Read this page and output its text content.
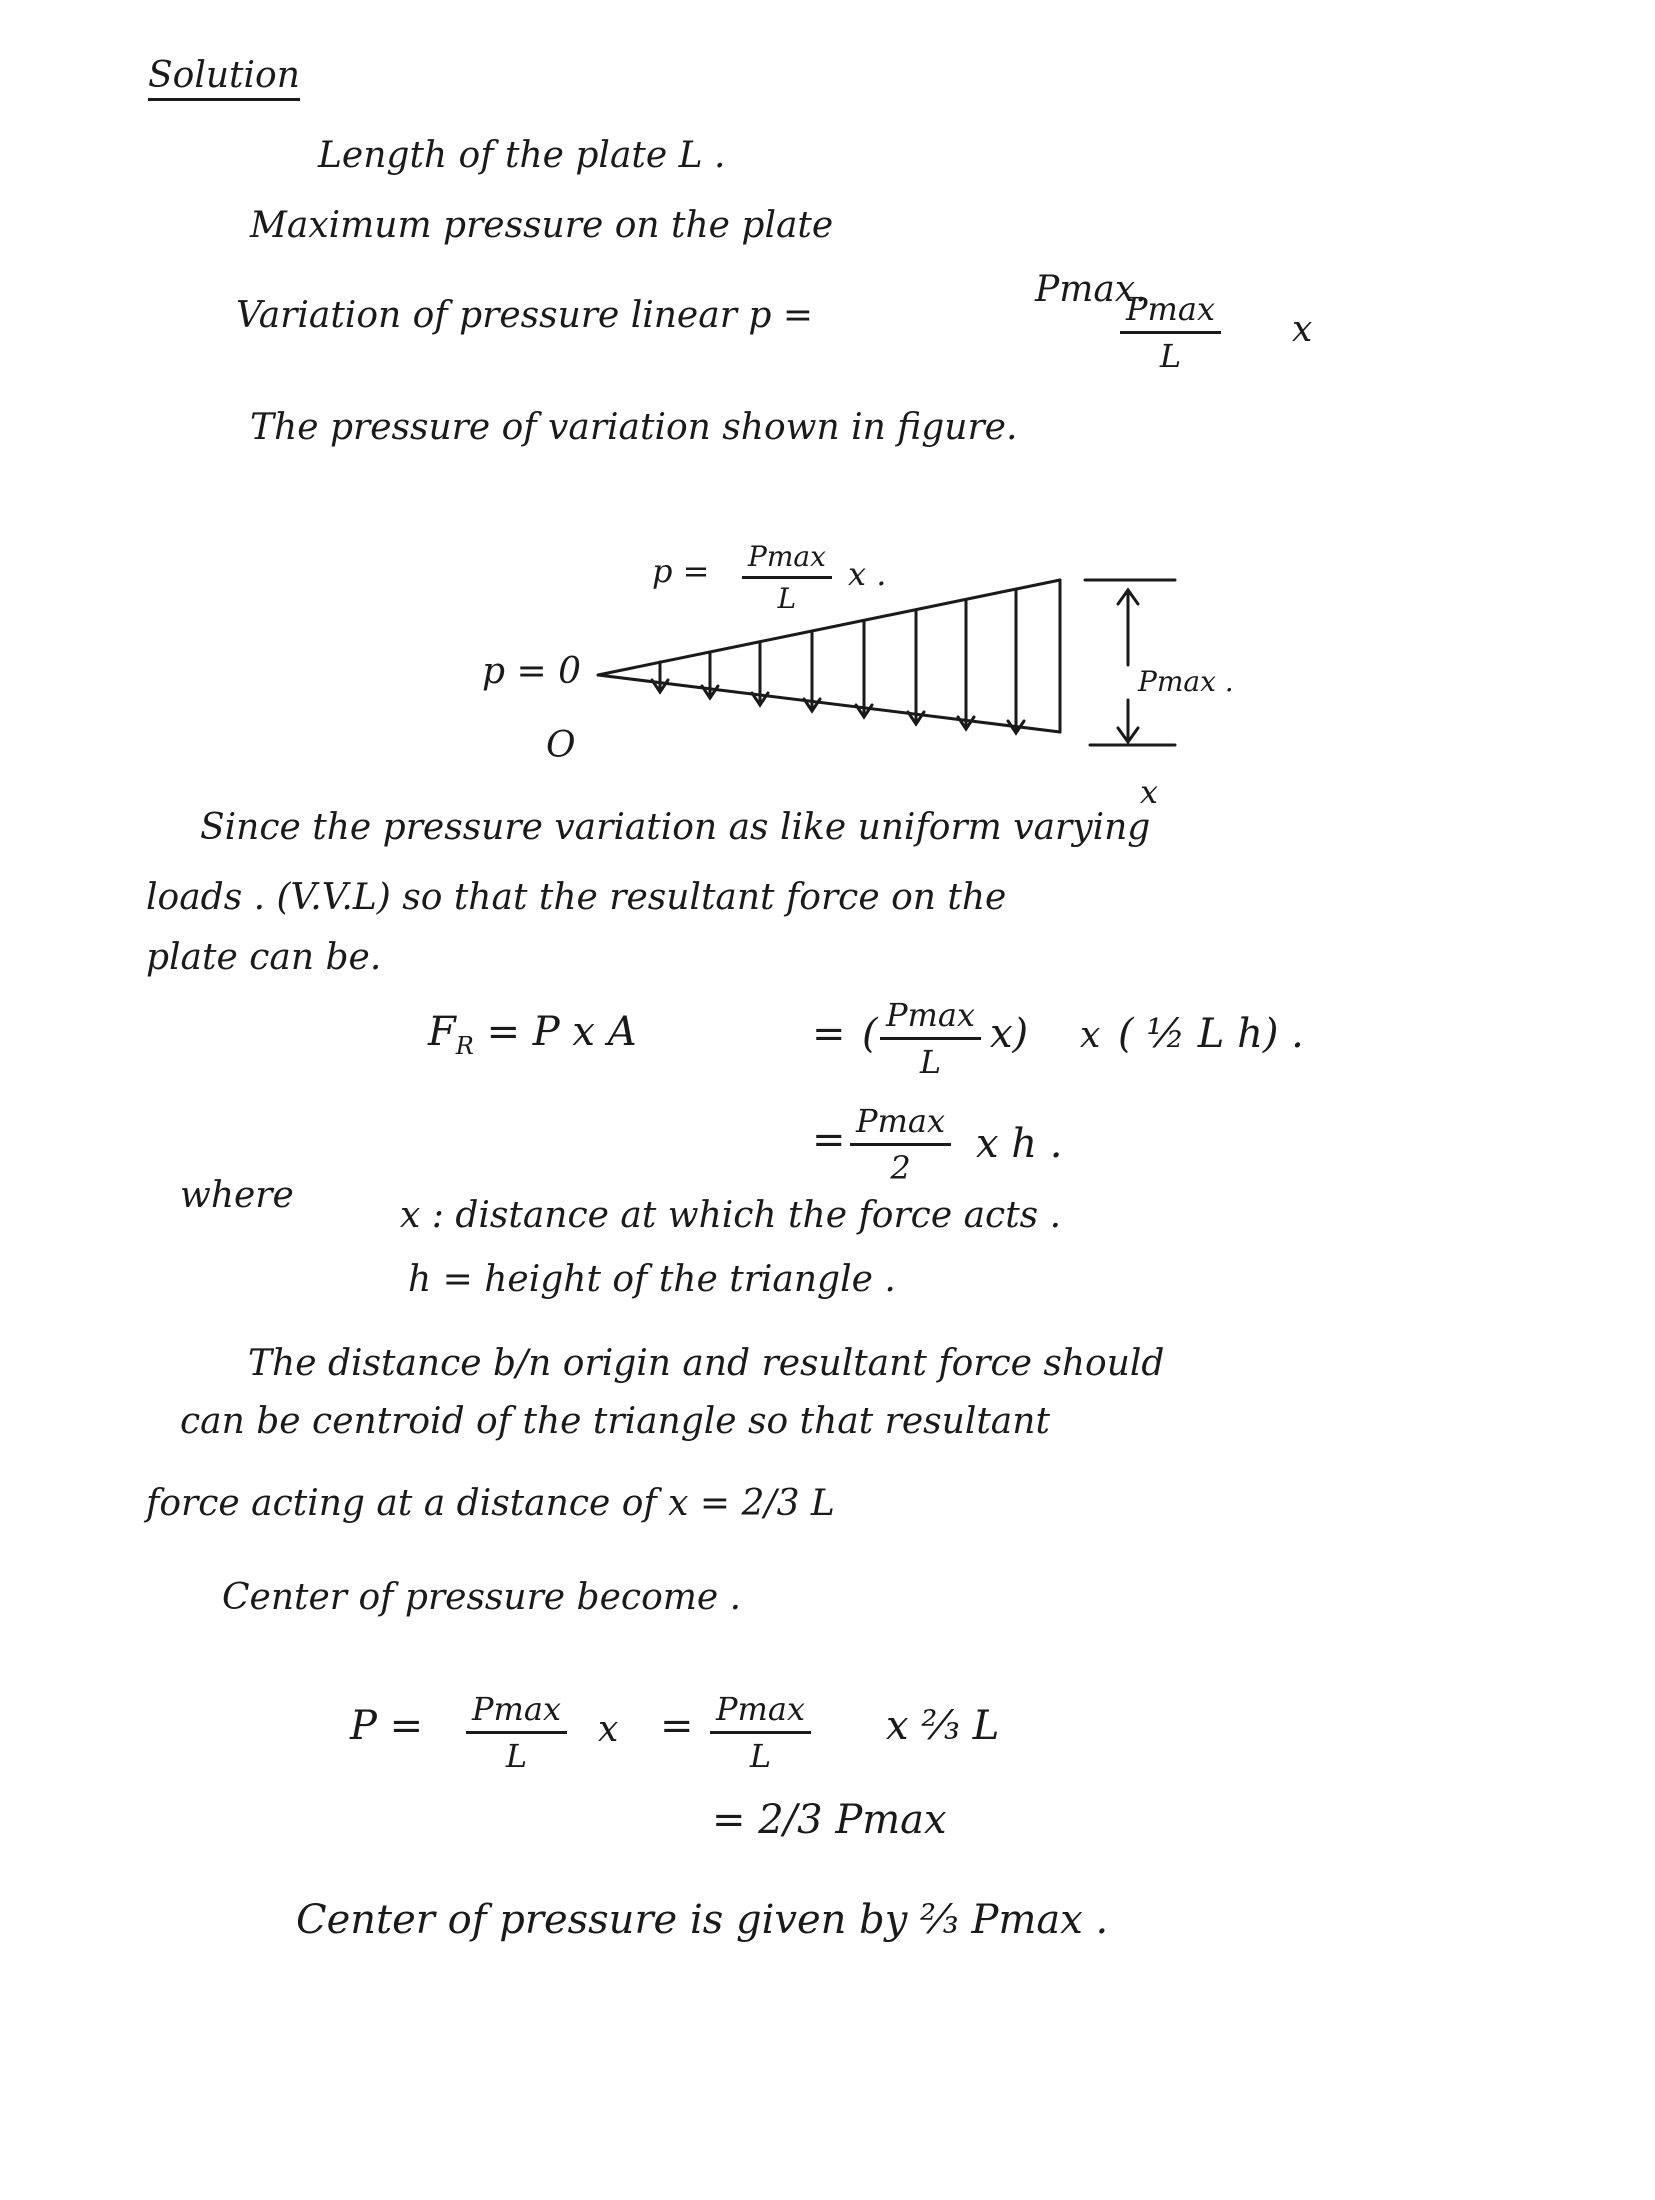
Solution
Length of the plate L .
Maximum pressure on the plate
Pmax.
Variation of pressure linear p =	Pmax
L
x
The pressure of variation shown in figure.
p = Pmax
L
x .
p = 0
O
Pmax .
x
Since the pressure variation as like uniform varying
loads . (V.V.L) so that the resultant force on the
plate can be.
$F_R = P$ x A	= ( Pmax
L
x) x ( ½ L h) .
= Pmax
2
x h .
where	x : distance at which the force acts .
h = height of the triangle .
The distance b/n origin and resultant force should
can be centroid of the triangle so that resultant
force acting at a distance of x = 2/3 L
Center of pressure become .
P = Pmax
L
x = Pmax
L
x ⅔ L
= 2/3 Pmax
Center of pressure is given by ⅔ Pmax .
